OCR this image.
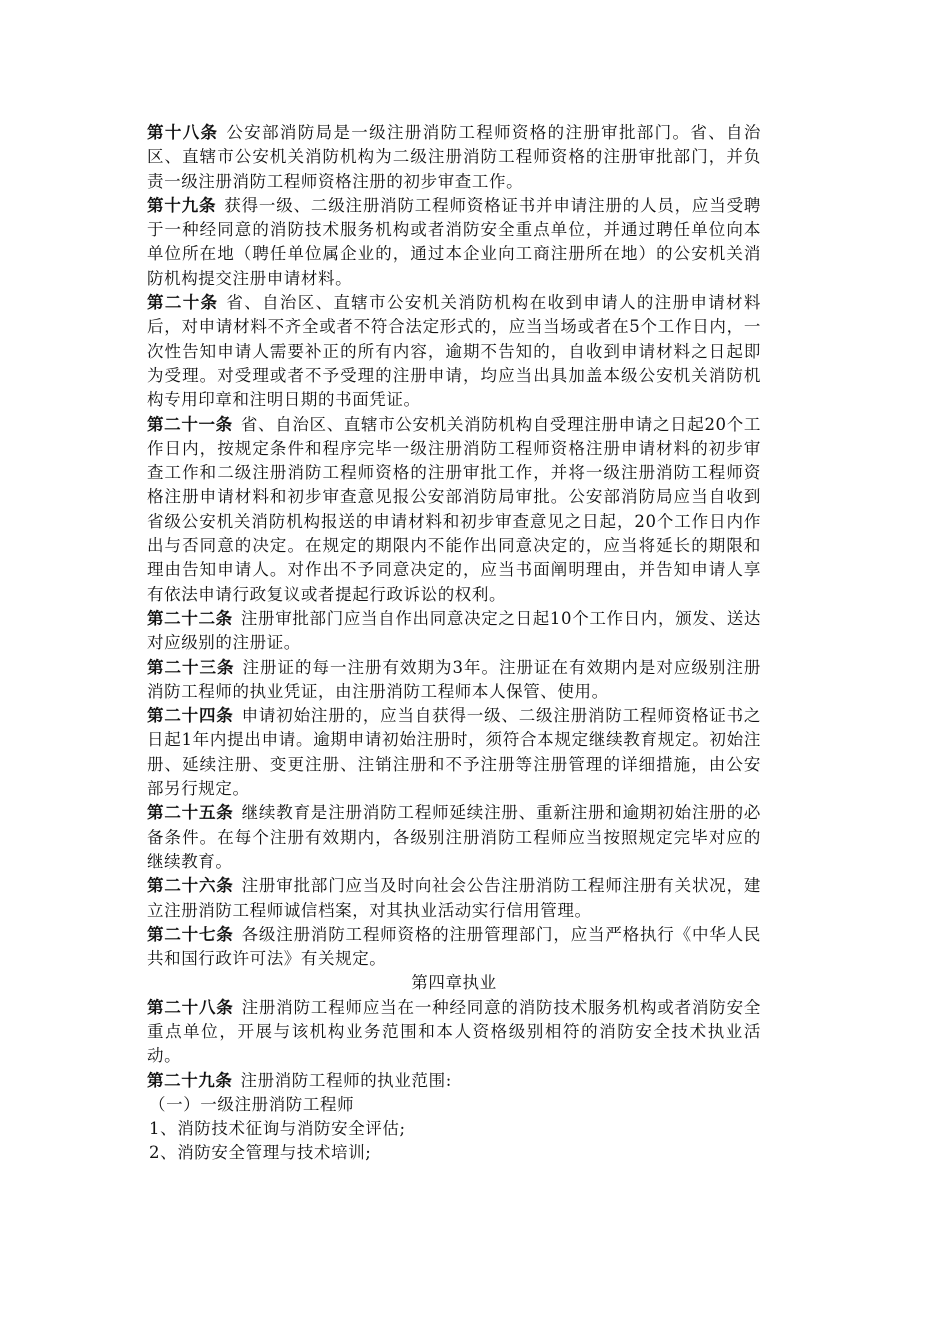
第十八条 公安部消防局是一级注册消防工程师资格的注册审批部门。省、自治区、直辖市公安机关消防机构为二级注册消防工程师资格的注册审批部门，并负责一级注册消防工程师资格注册的初步审查工作。

第十九条 获得一级、二级注册消防工程师资格证书并申请注册的人员，应当受聘于一种经同意的消防技术服务机构或者消防安全重点单位，并通过聘任单位向本单位所在地（聘任单位属企业的，通过本企业向工商注册所在地）的公安机关消防机构提交注册申请材料。

第二十条 省、自治区、直辖市公安机关消防机构在收到申请人的注册申请材料后，对申请材料不齐全或者不符合法定形式的，应当当场或者在5个工作日内，一次性告知申请人需要补正的所有内容，逾期不告知的，自收到申请材料之日起即为受理。对受理或者不予受理的注册申请，均应当出具加盖本级公安机关消防机构专用印章和注明日期的书面凭证。

第二十一条 省、自治区、直辖市公安机关消防机构自受理注册申请之日起20个工作日内，按规定条件和程序完毕一级注册消防工程师资格注册申请材料的初步审查工作和二级注册消防工程师资格的注册审批工作，并将一级注册消防工程师资格注册申请材料和初步审查意见报公安部消防局审批。公安部消防局应当自收到省级公安机关消防机构报送的申请材料和初步审查意见之日起，20个工作日内作出与否同意的决定。在规定的期限内不能作出同意决定的，应当将延长的期限和理由告知申请人。对作出不予同意决定的，应当书面阐明理由，并告知申请人享有依法申请行政复议或者提起行政诉讼的权利。

第二十二条 注册审批部门应当自作出同意决定之日起10个工作日内，颁发、送达对应级别的注册证。

第二十三条 注册证的每一注册有效期为3年。注册证在有效期内是对应级别注册消防工程师的执业凭证，由注册消防工程师本人保管、使用。

第二十四条 申请初始注册的，应当自获得一级、二级注册消防工程师资格证书之日起1年内提出申请。逾期申请初始注册时，须符合本规定继续教育规定。初始注册、延续注册、变更注册、注销注册和不予注册等注册管理的详细措施，由公安部另行规定。

第二十五条 继续教育是注册消防工程师延续注册、重新注册和逾期初始注册的必备条件。在每个注册有效期内，各级别注册消防工程师应当按照规定完毕对应的继续教育。

第二十六条 注册审批部门应当及时向社会公告注册消防工程师注册有关状况，建立注册消防工程师诚信档案，对其执业活动实行信用管理。

第二十七条 各级注册消防工程师资格的注册管理部门，应当严格执行《中华人民共和国行政许可法》有关规定。

第四章执业

第二十八条 注册消防工程师应当在一种经同意的消防技术服务机构或者消防安全重点单位，开展与该机构业务范围和本人资格级别相符的消防安全技术执业活动。

第二十九条 注册消防工程师的执业范围:

（一）一级注册消防工程师

1、消防技术征询与消防安全评估;

2、消防安全管理与技术培训;
